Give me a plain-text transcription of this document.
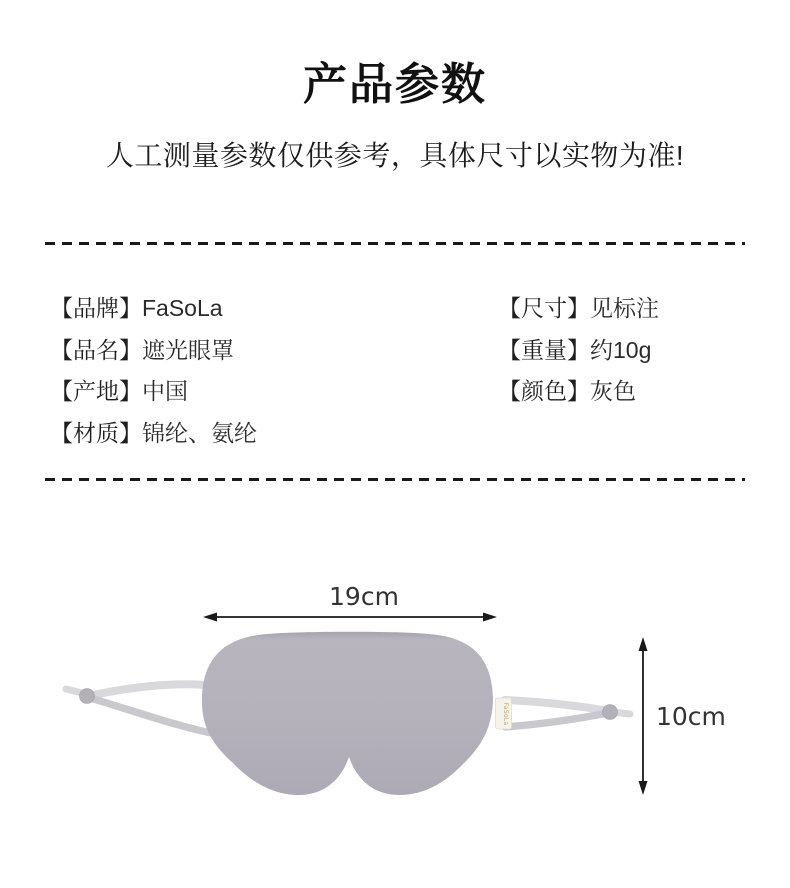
产品参数
人工测量参数仅供参考，具体尺寸以实物为准!
【品牌】FaSoLa
【品名】遮光眼罩
【产地】中国
【材质】锦纶、氨纶
【尺寸】见标注
【重量】约10g
【颜色】灰色
19cm
FaSoLa	10cm
